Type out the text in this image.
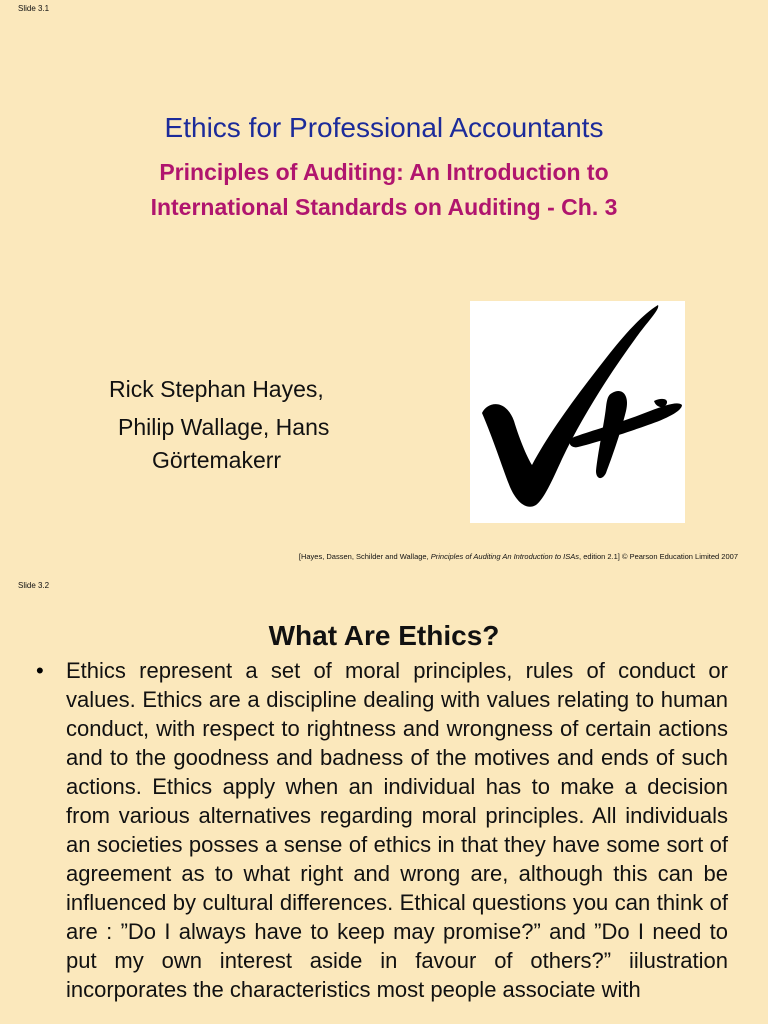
Slide 3.1
Ethics for Professional Accountants
Principles of Auditing: An Introduction to
International Standards on Auditing - Ch. 3
Rick Stephan Hayes,
Philip Wallage, Hans
Görtemakerr
[Hayes, Dassen, Schilder and Wallage, Principles of Auditing An Introduction to ISAs, edition 2.1] © Pearson Education Limited 2007
Slide 3.2
What Are Ethics?
• Ethics represent a set of moral principles, rules of conduct or values. Ethics are a discipline dealing with values relating to human conduct, with respect to rightness and wrongness of certain actions and to the goodness and badness of the motives and ends of such actions. Ethics apply when an individual has to make a decision from various alternatives regarding moral principles. All individuals an societies posses a sense of ethics in that they have some sort of agreement as to what right and wrong are, although this can be influenced by cultural differences. Ethical questions you can think of are : ”Do I always have to keep may promise?” and ”Do I need to put my own interest aside in favour of others?” iilustration incorporates the characteristics most people associate with
